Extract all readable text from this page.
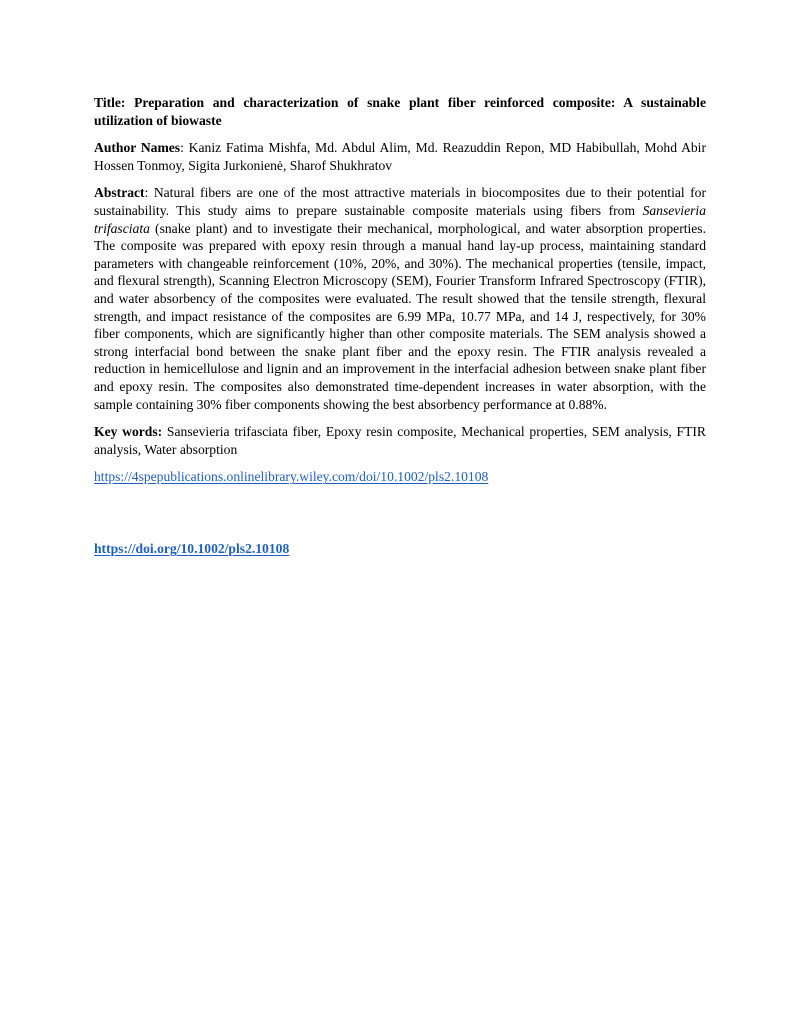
Title: Preparation and characterization of snake plant fiber reinforced composite: A sustainable utilization of biowaste

Author Names: Kaniz Fatima Mishfa, Md. Abdul Alim, Md. Reazuddin Repon, MD Habibullah, Mohd Abir Hossen Tonmoy, Sigita Jurkonienė, Sharof Shukhratov

Abstract: Natural fibers are one of the most attractive materials in biocomposites due to their potential for sustainability. This study aims to prepare sustainable composite materials using fibers from Sansevieria trifasciata (snake plant) and to investigate their mechanical, morphological, and water absorption properties. The composite was prepared with epoxy resin through a manual hand lay-up process, maintaining standard parameters with changeable reinforcement (10%, 20%, and 30%). The mechanical properties (tensile, impact, and flexural strength), Scanning Electron Microscopy (SEM), Fourier Transform Infrared Spectroscopy (FTIR), and water absorbency of the composites were evaluated. The result showed that the tensile strength, flexural strength, and impact resistance of the composites are 6.99 MPa, 10.77 MPa, and 14 J, respectively, for 30% fiber components, which are significantly higher than other composite materials. The SEM analysis showed a strong interfacial bond between the snake plant fiber and the epoxy resin. The FTIR analysis revealed a reduction in hemicellulose and lignin and an improvement in the interfacial adhesion between snake plant fiber and epoxy resin. The composites also demonstrated time-dependent increases in water absorption, with the sample containing 30% fiber components showing the best absorbency performance at 0.88%.

Key words: Sansevieria trifasciata fiber, Epoxy resin composite, Mechanical properties, SEM analysis, FTIR analysis, Water absorption

https://4spepublications.onlinelibrary.wiley.com/doi/10.1002/pls2.10108

https://doi.org/10.1002/pls2.10108
